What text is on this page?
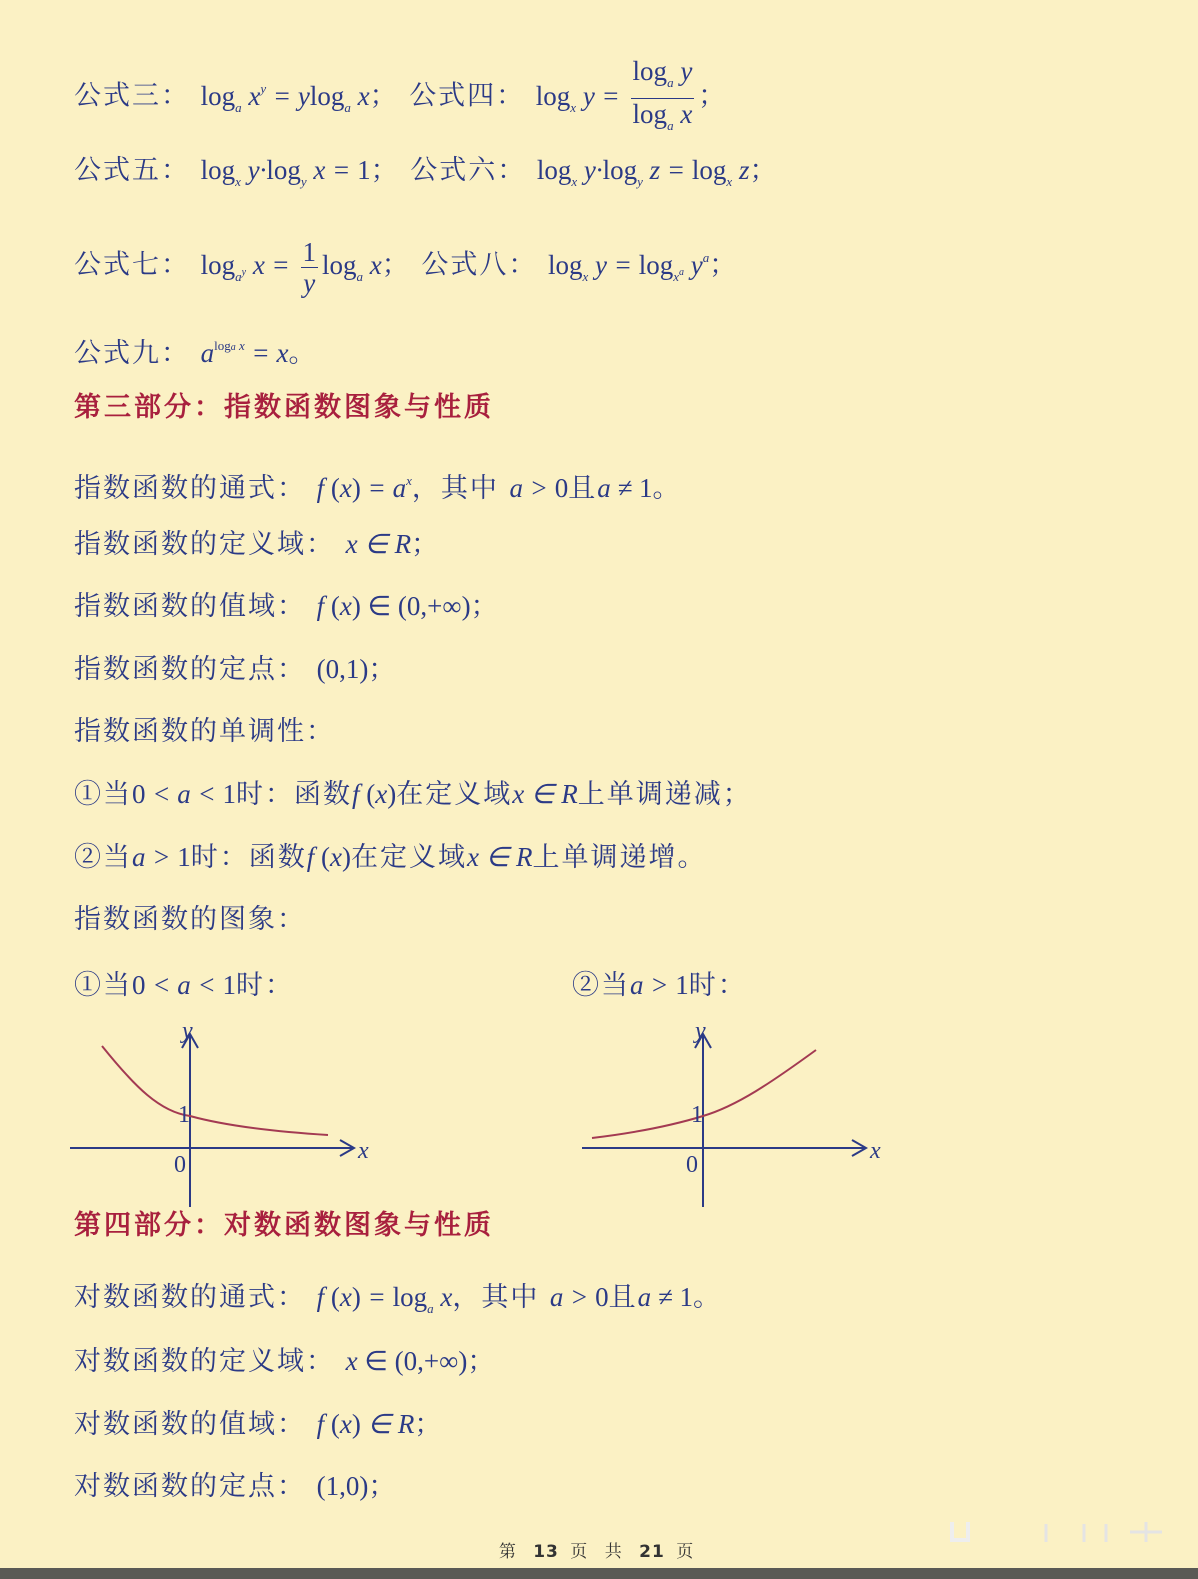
公式三： $\log_a x^y = ylog_a$ x； 公式四： $\log_x y = \frac{\log_a y}{\log_a x}$ ；
公式五： $\log_x y\cdot\log_y$ x = 1； 公式六： $\log_x y\cdot\log_y$ $z = \log_x z$；
公式七： $\log_{a^y} x = \frac{1}{y} \log_a x$； 公式八： $\log_x y = \log_{x^a} y^a$；
公式九： $a^{loga x} = x$。
第三部分：指数函数图象与性质
指数函数的通式： f $(x) = a^x$，其中 a > 0且a ≠ 1。
指数函数的定义域： x ∈ R；
指数函数的值域： f (x) ∈ (0,+∞)；
指数函数的定点： (0,1)；
指数函数的单调性：
①当0 < a < 1时：函数f (x)在定义域x ∈ R上单调递减；
②当a > 1时：函数f (x)在定义域x ∈ R上单调递增。
指数函数的图象：
①当0 < a < 1时：	②当a > 1时：
x
y
0
1
x
y
0
1
第四部分：对数函数图象与性质
对数函数的通式： f $(x) = \log_a x$，其中 a > 0且a ≠ 1。
对数函数的定义域： x ∈ (0,+∞)；
对数函数的值域： f (x) ∈ R；
对数函数的定点： (1,0)；
第 13 页 共 21 页
